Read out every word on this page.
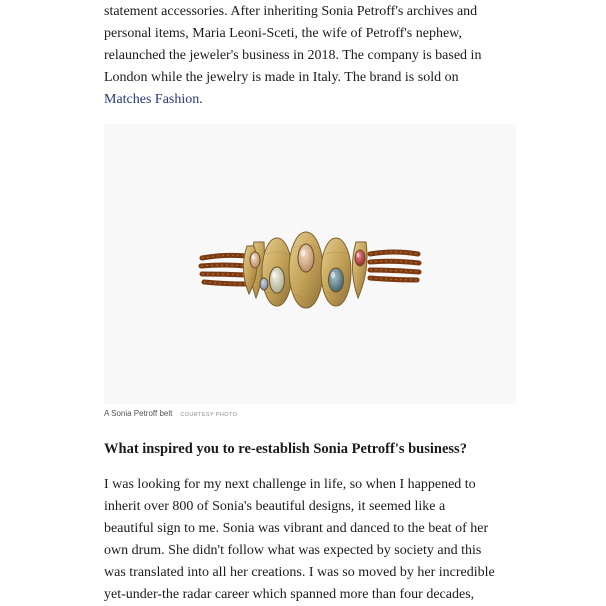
statement accessories. After inheriting Sonia Petroff's archives and
personal items, Maria Leoni-Sceti, the wife of Petroff's nephew,
relaunched the jeweler's business in 2018. The company is based in
London while the jewelry is made in Italy. The brand is sold on
Matches Fashion.

A Sonia Petroff belt COURTESY PHOTO
What inspired you to re-establish Sonia Petroff's business?

I was looking for my next challenge in life, so when I happened to
inherit over 800 of Sonia's beautiful designs, it seemed like a
beautiful sign to me. Sonia was vibrant and danced to the beat of her
own drum. She didn't follow what was expected by society and this
was translated into all her creations. I was so moved by her incredible
yet-under-the radar career which spanned more than four decades,
